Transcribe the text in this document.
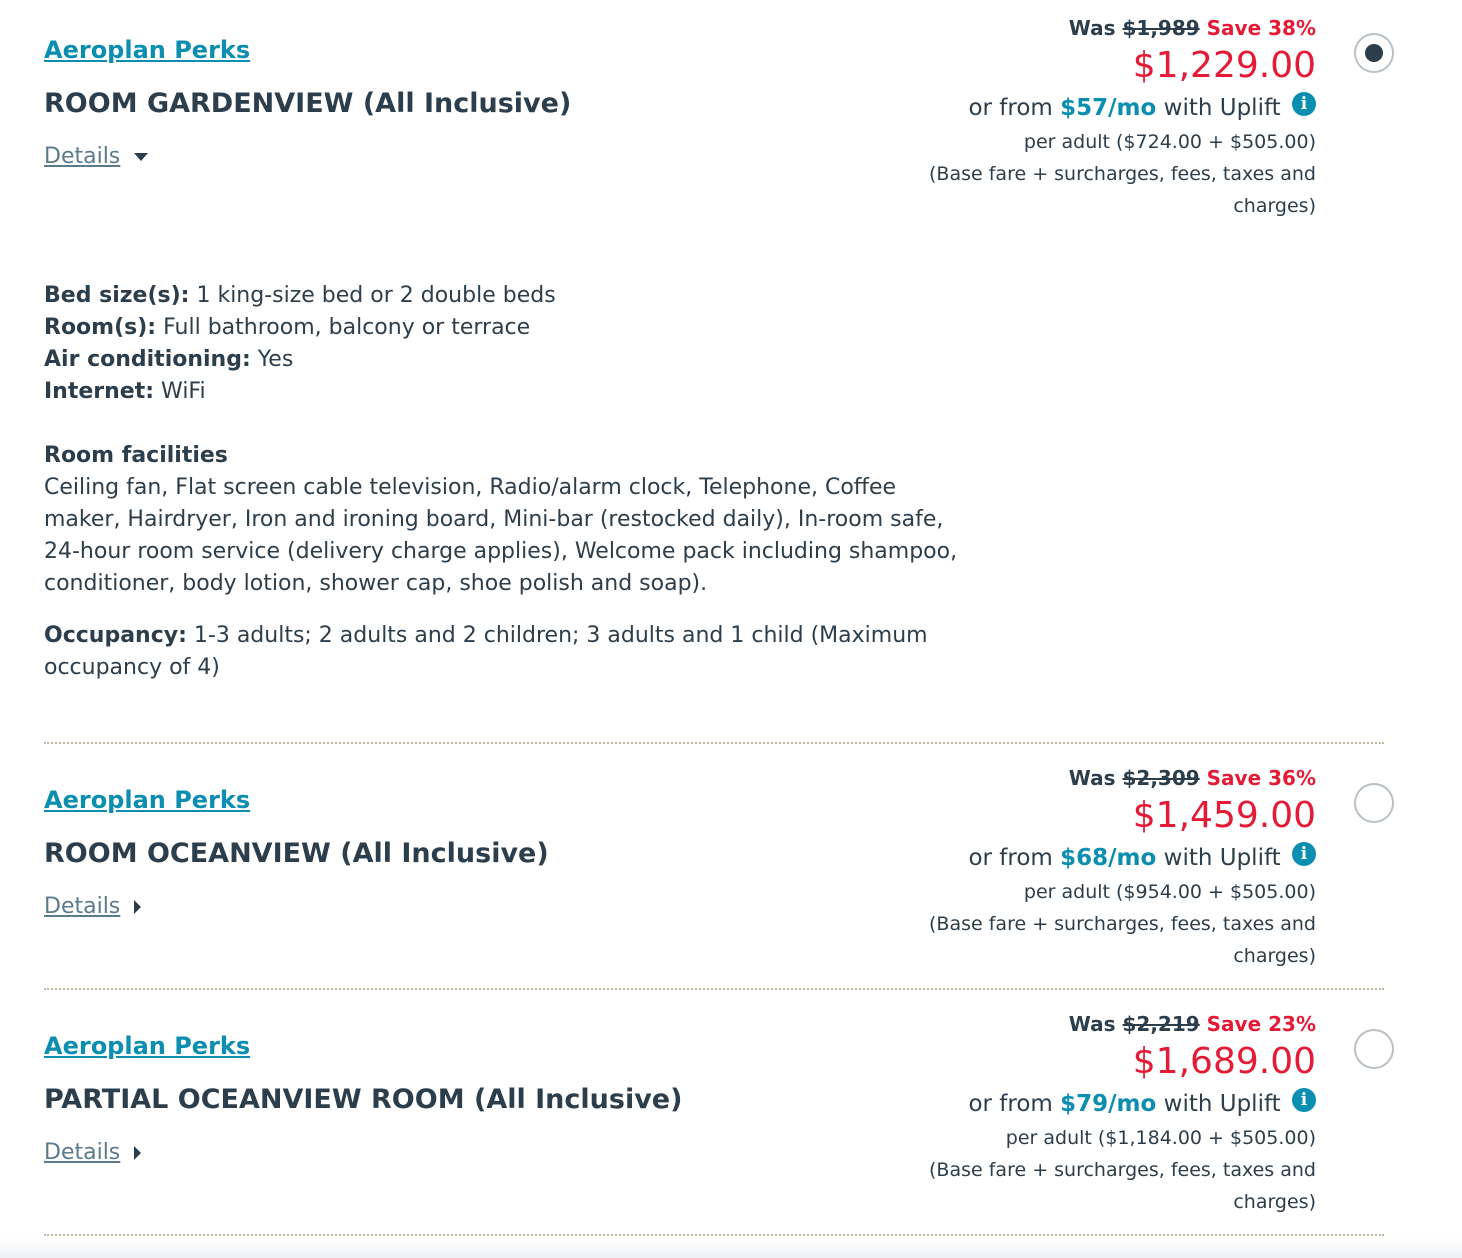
Aeroplan Perks
ROOM GARDENVIEW (All Inclusive)
Details
Was $1,989 Save 38%
$1,229.00
or from $57/mo with Uplift i
per adult ($724.00 + $505.00)
(Base fare + surcharges, fees, taxes and
charges)

Bed size(s): 1 king-size bed or 2 double beds

Room(s): Full bathroom, balcony or terrace

Air conditioning: Yes

Internet: WiFi

Room facilities

Ceiling fan, Flat screen cable television, Radio/alarm clock, Telephone, Coffee maker, Hairdryer, Iron and ironing board, Mini-bar (restocked daily), In-room safe, 24-hour room service (delivery charge applies), Welcome pack including shampoo, conditioner, body lotion, shower cap, shoe polish and soap).

Occupancy: 1-3 adults; 2 adults and 2 children; 3 adults and 1 child (Maximum occupancy of 4)

Aeroplan Perks
ROOM OCEANVIEW (All Inclusive)
Details
Was $2,309 Save 36%
$1,459.00
or from $68/mo with Uplift i
per adult ($954.00 + $505.00)
(Base fare + surcharges, fees, taxes and
charges)
Aeroplan Perks
PARTIAL OCEANVIEW ROOM (All Inclusive)
Details
Was $2,219 Save 23%
$1,689.00
or from $79/mo with Uplift i
per adult ($1,184.00 + $505.00)
(Base fare + surcharges, fees, taxes and
charges)
